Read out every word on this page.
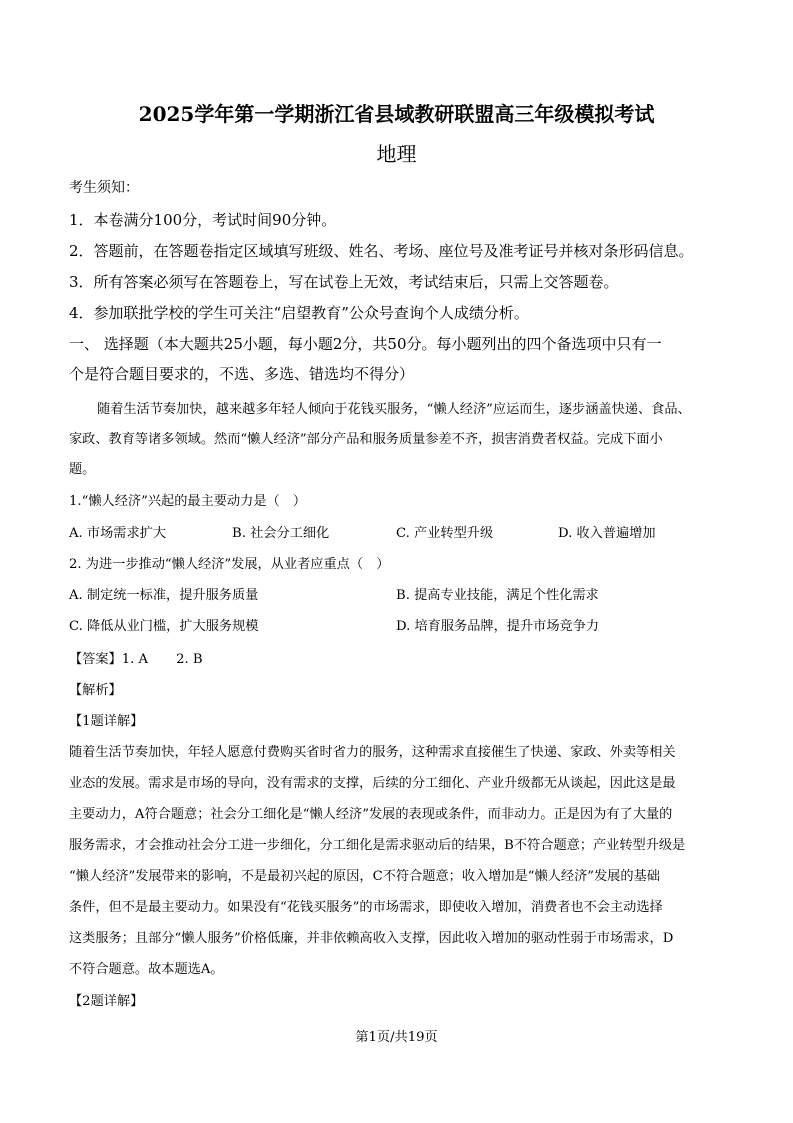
2025学年第一学期浙江省县域教研联盟高三年级模拟考试
地理
考生须知：
1．本卷满分100分，考试时间90分钟。
2．答题前，在答题卷指定区域填写班级、姓名、考场、座位号及准考证号并核对条形码信息。
3．所有答案必须写在答题卷上，写在试卷上无效，考试结束后，只需上交答题卷。
4．参加联批学校的学生可关注“启望教育”公众号查询个人成绩分析。
一、 选择题（本大题共25小题，每小题2分，共50分。每小题列出的四个备选项中只有一
个是符合题目要求的，不选、多选、错选均不得分）
随着生活节奏加快，越来越多年轻人倾向于花钱买服务，“懒人经济”应运而生，逐步涵盖快递、食品、
家政、教育等诸多领域。然而“懒人经济”部分产品和服务质量参差不齐，损害消费者权益。完成下面小
题。
1.“懒人经济”兴起的最主要动力是（　）
A. 市场需求扩大	B. 社会分工细化	C. 产业转型升级	D. 收入普遍增加
2. 为进一步推动“懒人经济”发展，从业者应重点（　）
A. 制定统一标准，提升服务质量	B. 提高专业技能，满足个性化需求
C. 降低从业门槛，扩大服务规模	D. 培育服务品牌，提升市场竞争力
【答案】1. A 2. B
【解析】
【1题详解】
随着生活节奏加快，年轻人愿意付费购买省时省力的服务，这种需求直接催生了快递、家政、外卖等相关
业态的发展。需求是市场的导向，没有需求的支撑，后续的分工细化、产业升级都无从谈起，因此这是最
主要动力，A符合题意；社会分工细化是“懒人经济”发展的表现或条件，而非动力。正是因为有了大量的
服务需求，才会推动社会分工进一步细化，分工细化是需求驱动后的结果，B不符合题意；产业转型升级是
“懒人经济”发展带来的影响，不是最初兴起的原因，C不符合题意；收入增加是“懒人经济”发展的基础
条件，但不是最主要动力。如果没有“花钱买服务”的市场需求，即使收入增加，消费者也不会主动选择
这类服务；且部分“懒人服务”价格低廉，并非依赖高收入支撑，因此收入增加的驱动性弱于市场需求，D
不符合题意。故本题选A。
【2题详解】
第1页/共19页
